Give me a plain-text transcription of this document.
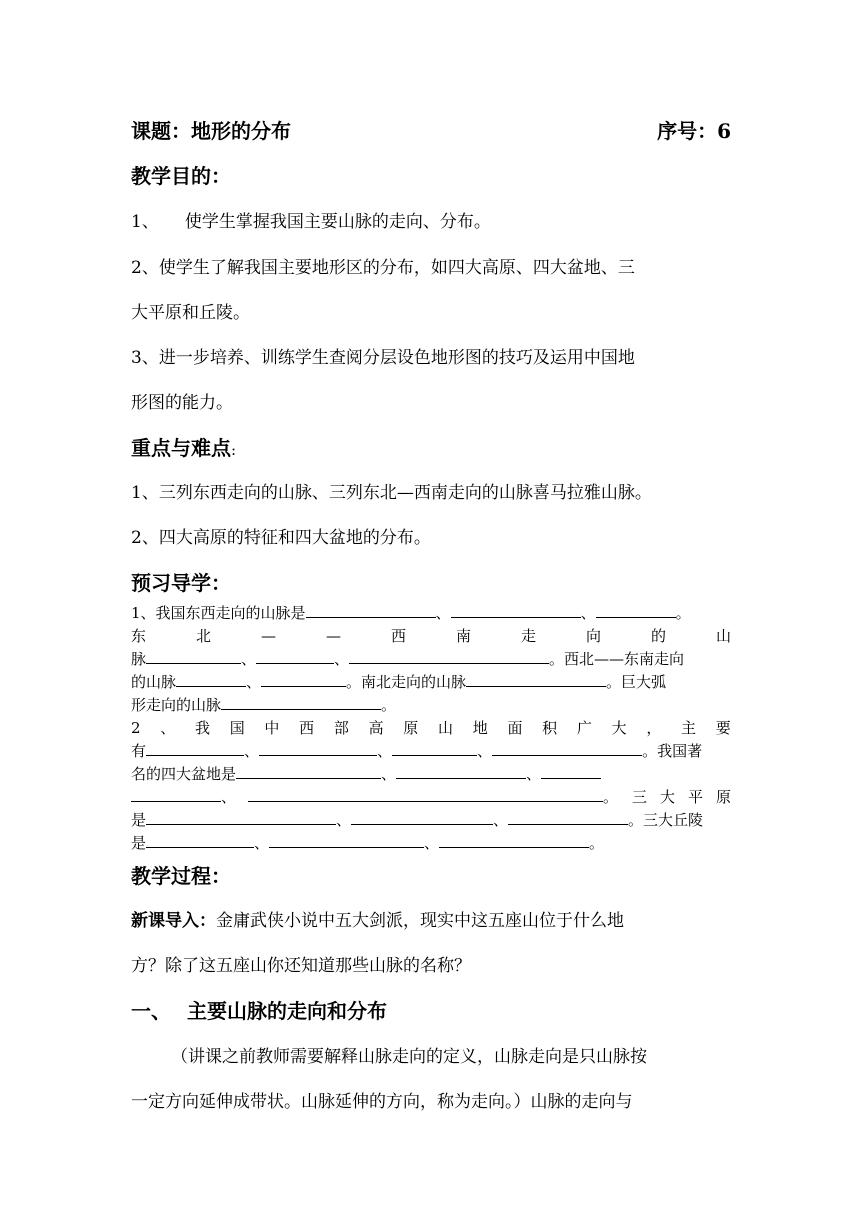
课题：地形的分布	序号：6
教学目的：
1、 使学生掌握我国主要山脉的走向、分布。
2、使学生了解我国主要地形区的分布，如四大高原、四大盆地、三
大平原和丘陵。
3、进一步培养、训练学生查阅分层设色地形图的技巧及运用中国地
形图的能力。
重点与难点:
1、三列东西走向的山脉、三列东北—西南走向的山脉喜马拉雅山脉。
2、四大高原的特征和四大盆地的分布。
预习导学：
1、我国东西走向的山脉是	、	、	。
东	北	—	—	西	南	走	向	的	山
脉	、	、	。西北——东南走向
的山脉	、	。南北走向的山脉	。巨大弧
形走向的山脉	。
2 、 我 国 中 西 部 高 原 山 地 面 积 广 大 ， 主 要
有	、	、	、	。我国著
名的四大盆地是	、	、
、	。 三 大 平 原
是	、	、	。三大丘陵
是	、	、	。
教学过程：
新课导入：金庸武侠小说中五大剑派，现实中这五座山位于什么地
方？除了这五座山你还知道那些山脉的名称？
一、 主要山脉的走向和分布
（讲课之前教师需要解释山脉走向的定义，山脉走向是只山脉按
一定方向延伸成带状。山脉延伸的方向，称为走向。）山脉的走向与
